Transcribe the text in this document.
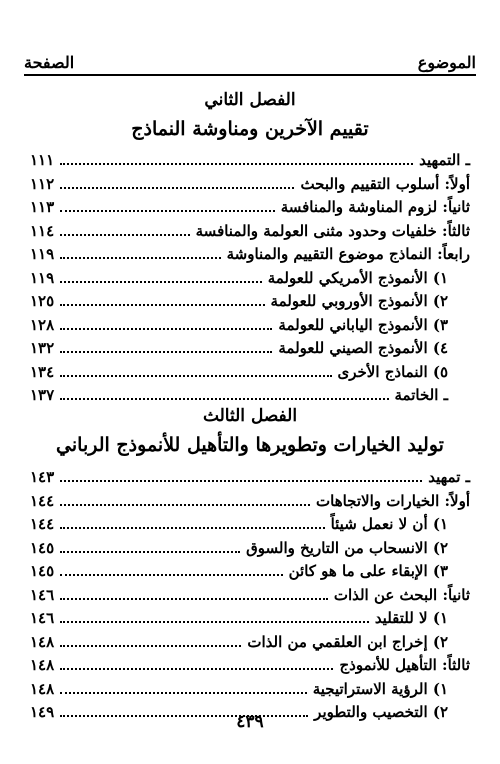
الصفحة	الموضوع
الفصل الثاني
تقييم الآخرين ومناوشة النماذج
ـ التمهيد
١١١
أولاً: أسلوب التقييم والبحث
١١٢
ثانياً: لزوم المناوشة والمنافسة
١١٣
ثالثاً: خلفيات وحدود مثنى العولمة والمنافسة
١١٤
رابعاً: النماذج موضوع التقييم والمناوشة
١١٩
١) الأنموذج الأمريكي للعولمة
١١٩
٢) الأنموذج الأوروبي للعولمة
١٢٥
٣) الأنموذج الياباني للعولمة
١٢٨
٤) الأنموذج الصيني للعولمة
١٣٢
٥) النماذج الأخرى
١٣٤
ـ الخاتمة
١٣٧
الفصل الثالث
توليد الخيارات وتطويرها والتأهيل للأنموذج الرباني
ـ تمهيد
١٤٣
أولاً: الخيارات والاتجاهات
١٤٤
١) أن لا نعمل شيئاً
١٤٤
٢) الانسحاب من التاريخ والسوق
١٤٥
٣) الإبقاء على ما هو كائن
١٤٥
ثانياً: البحث عن الذات
١٤٦
١) لا للتقليد
١٤٦
٢) إخراج ابن العلقمي من الذات
١٤٨
ثالثاً: التأهيل للأنموذج
١٤٨
١) الرؤية الاستراتيجية
١٤٨
٢) التخصيب والتطوير
١٤٩	٤٣٩
